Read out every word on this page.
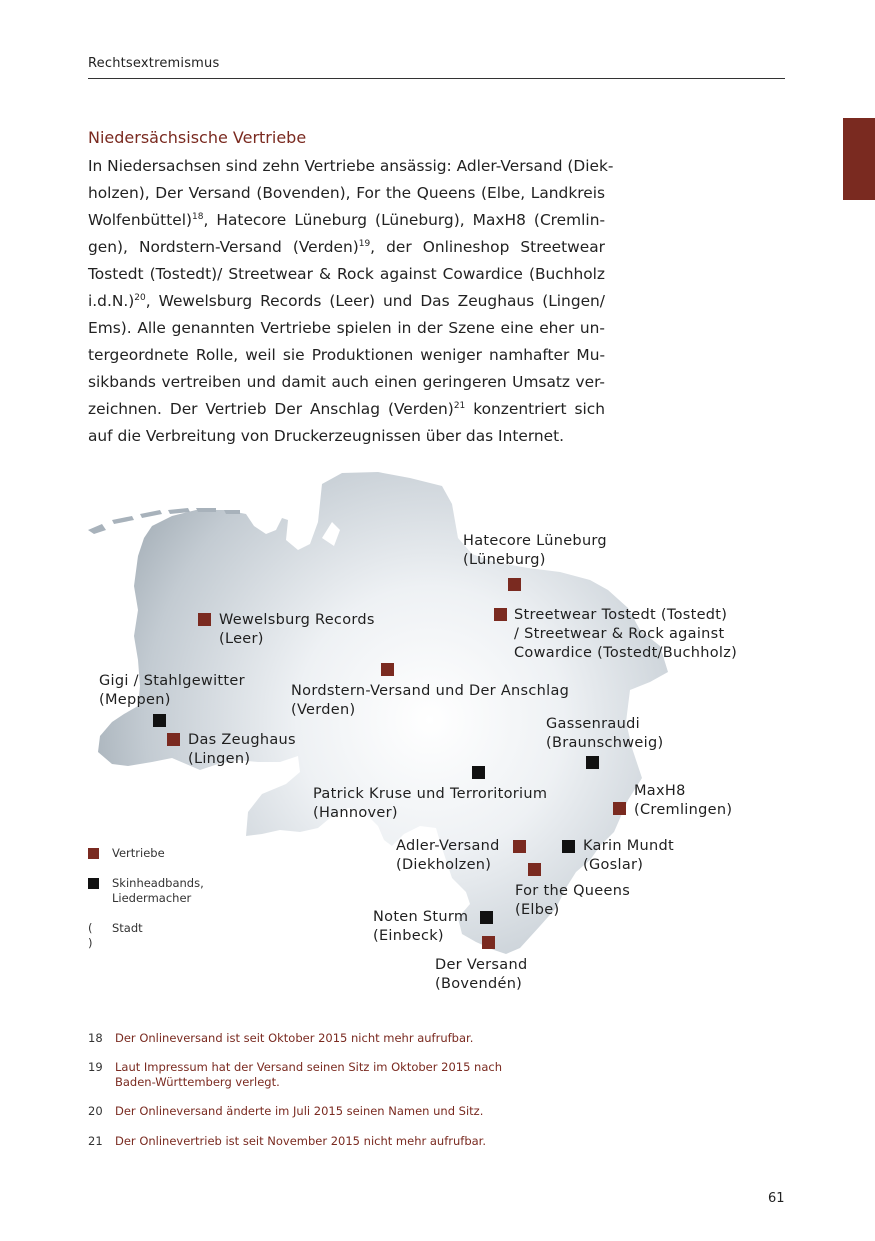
Rechtsextremismus
Niedersächsische Vertriebe
In Niedersachsen sind zehn Vertriebe ansässig: Adler-Versand (Diek-
holzen), Der Versand (Bovenden), For the Queens (Elbe, Landkreis
Wolfenbüttel)$^{18}$, Hatecore Lüneburg (Lüneburg), MaxH8 (Cremlin-
gen), Nordstern-Versand (Verden)$^{19}$, der Onlineshop Streetwear
Tostedt (Tostedt)/ Streetwear & Rock against Cowardice (Buchholz
i.d.N.)$^{20}$, Wewelsburg Records (Leer) und Das Zeughaus (Lingen/
Ems). Alle genannten Vertriebe spielen in der Szene eine eher un-
tergeordnete Rolle, weil sie Produktionen weniger namhafter Mu-
sikbands vertreiben und damit auch einen geringeren Umsatz ver-
zeichnen. Der Vertrieb Der Anschlag (Verden)$^{21}$ konzentriert sich
auf die Verbreitung von Druckerzeugnissen über das Internet.
Hatecore Lüneburg
(Lüneburg)
Streetwear Tostedt (Tostedt)
/ Streetwear & Rock against
Cowardice (Tostedt/Buchholz)
Wewelsburg Records
(Leer)
Gigi / Stahlgewitter
(Meppen)
Nordstern-Versand und Der Anschlag
(Verden)
Das Zeughaus
(Lingen)
Gassenraudi
(Braunschweig)
Patrick Kruse und Terroritorium
(Hannover)
MaxH8
(Cremlingen)
Adler-Versand
(Diekholzen)
Karin Mundt
(Goslar)
For the Queens
(Elbe)
Noten Sturm
(Einbeck)
Der Versand
(Bovendén)
Vertriebe
Skinheadbands,
Liedermacher
( )
Stadt
18 Der Onlineversand ist seit Oktober 2015 nicht mehr aufrufbar.
19 Laut Impressum hat der Versand seinen Sitz im Oktober 2015 nach
Baden-Württemberg verlegt.
20 Der Onlineversand änderte im Juli 2015 seinen Namen und Sitz.
21 Der Onlinevertrieb ist seit November 2015 nicht mehr aufrufbar.
61
